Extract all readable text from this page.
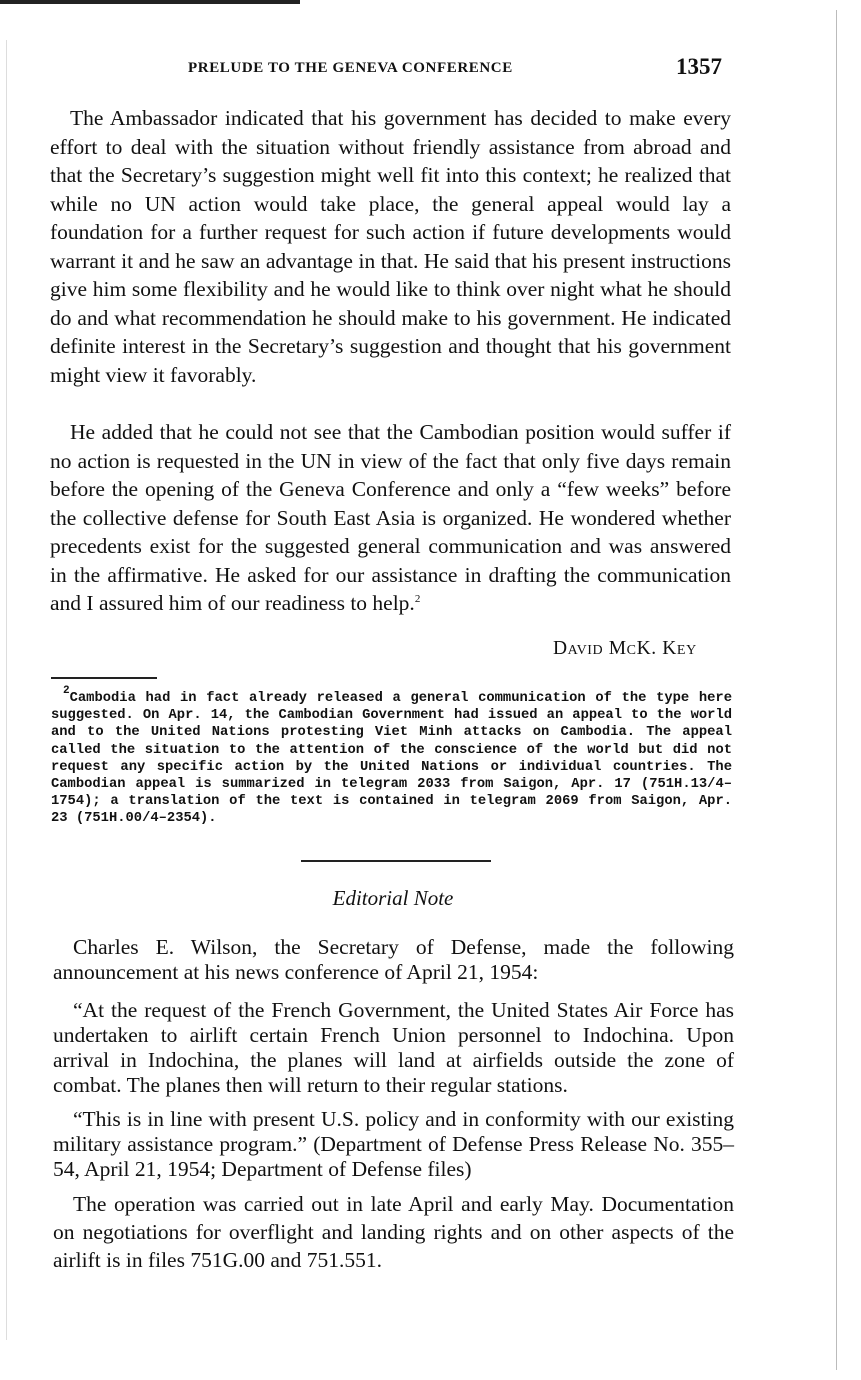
PRELUDE TO THE GENEVA CONFERENCE	1357

The Ambassador indicated that his government has decided to make every effort to deal with the situation without friendly assistance from abroad and that the Secretary’s suggestion might well fit into this context; he realized that while no UN action would take place, the general appeal would lay a foundation for a further request for such action if future developments would warrant it and he saw an advantage in that. He said that his present instructions give him some flexibility and he would like to think over night what he should do and what recommendation he should make to his government. He indicated definite interest in the Secretary’s suggestion and thought that his government might view it favorably.

He added that he could not see that the Cambodian position would suffer if no action is requested in the UN in view of the fact that only five days remain before the opening of the Geneva Conference and only a “few weeks” before the collective defense for South East Asia is organized. He wondered whether precedents exist for the suggested general communication and was answered in the affirmative. He asked for our assistance in drafting the communication and I assured him of our readiness to help.$^2$

David McK. Key

$^2$Cambodia had in fact already released a general communication of the type here suggested. On Apr. 14, the Cambodian Government had issued an appeal to the world and to the United Nations protesting Viet Minh attacks on Cambodia. The appeal called the situation to the attention of the conscience of the world but did not request any specific action by the United Nations or individual countries. The Cambodian appeal is summarized in telegram 2033 from Saigon, Apr. 17 (751H.13/4–1754); a translation of the text is contained in telegram 2069 from Saigon, Apr. 23 (751H.00/4–2354).

Editorial Note

Charles E. Wilson, the Secretary of Defense, made the following announcement at his news conference of April 21, 1954:

“At the request of the French Government, the United States Air Force has undertaken to airlift certain French Union personnel to Indochina. Upon arrival in Indochina, the planes will land at airfields outside the zone of combat. The planes then will return to their regular stations.

“This is in line with present U.S. policy and in conformity with our existing military assistance program.” (Department of Defense Press Release No. 355–54, April 21, 1954; Department of Defense files)

The operation was carried out in late April and early May. Documentation on negotiations for overflight and landing rights and on other aspects of the airlift is in files 751G.00 and 751.551.
